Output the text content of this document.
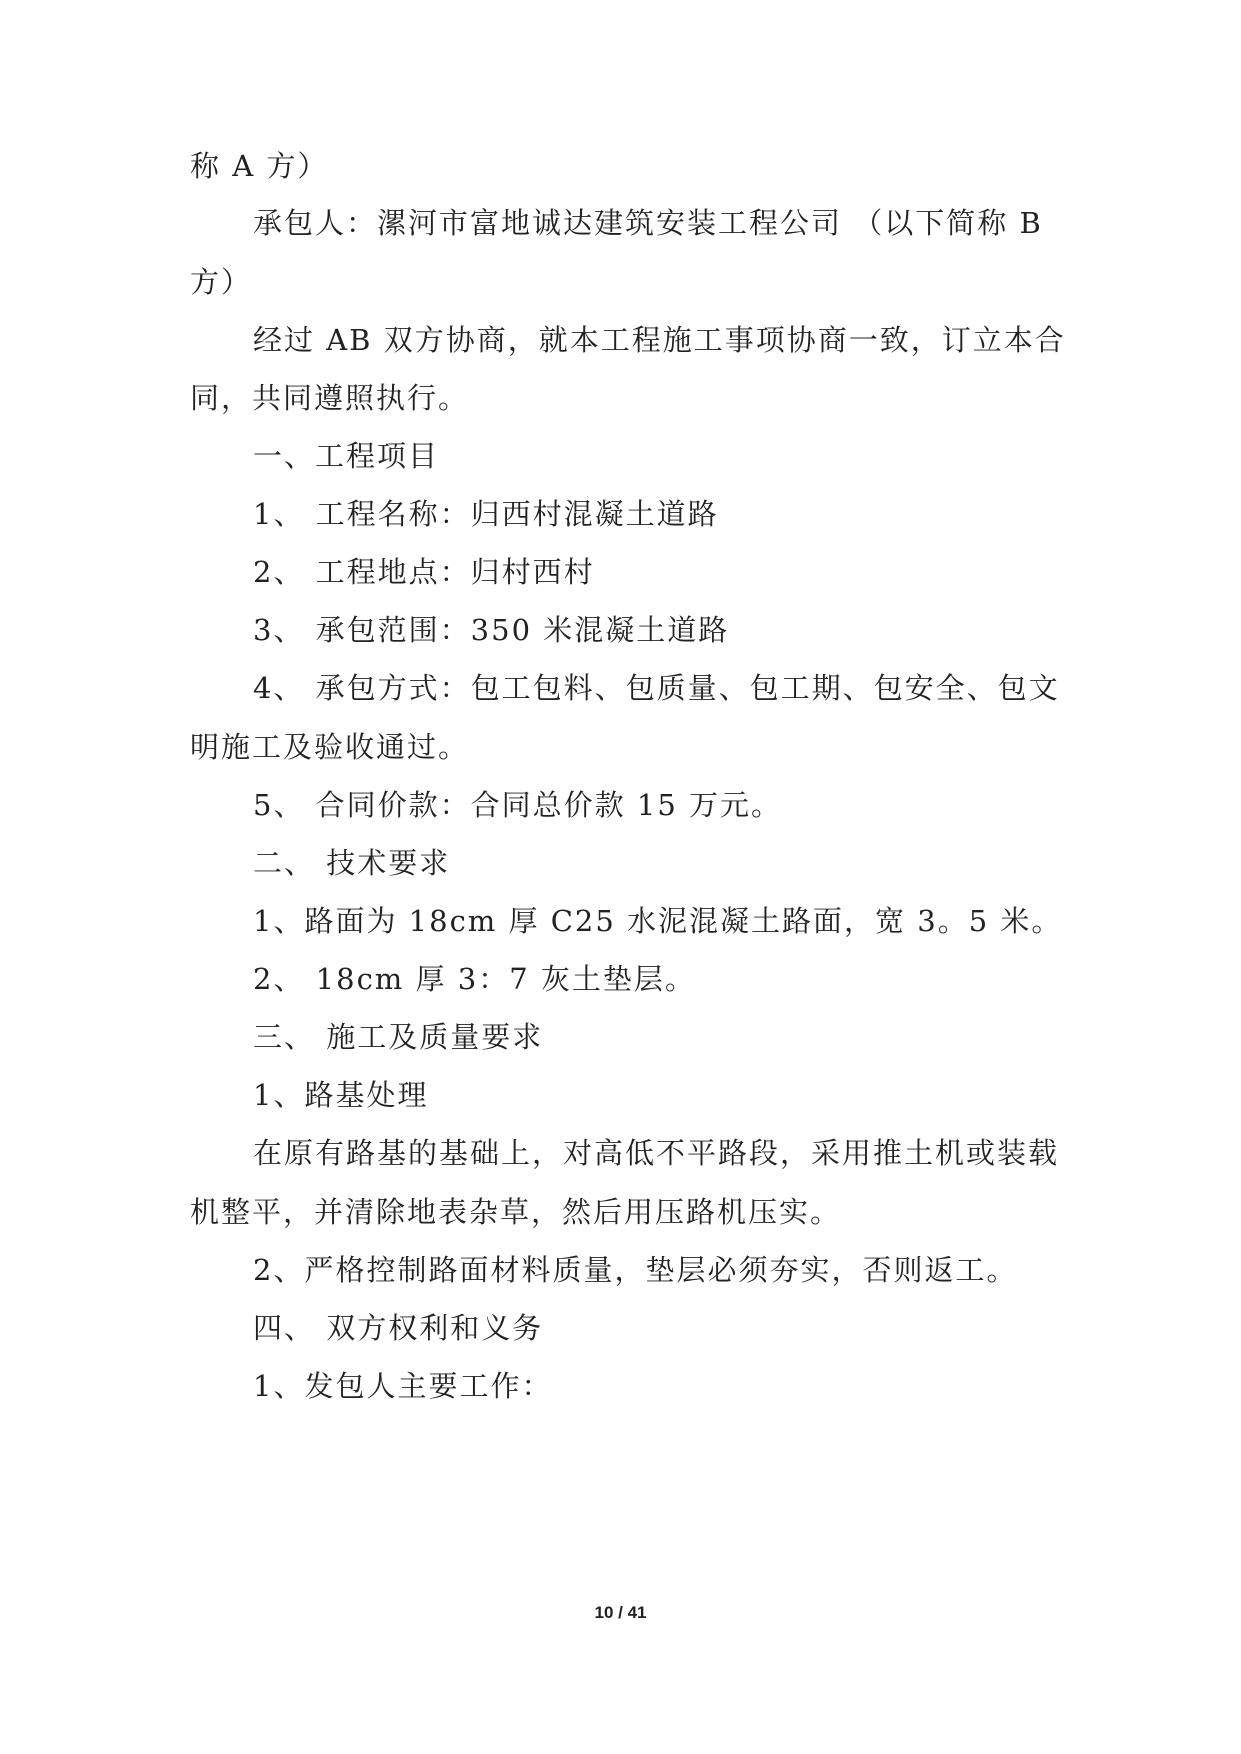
称 A 方）
承包人：漯河市富地诚达建筑安装工程公司 （以下简称 B
方）
经过 AB 双方协商，就本工程施工事项协商一致，订立本合
同，共同遵照执行。
一、工程项目
1、 工程名称：归西村混凝土道路
2、 工程地点：归村西村
3、 承包范围：350 米混凝土道路
4、 承包方式：包工包料、包质量、包工期、包安全、包文
明施工及验收通过。
5、 合同价款：合同总价款 15 万元。
二、 技术要求
1、路面为 18cm 厚 C25 水泥混凝土路面，宽 3。5 米。
2、 18cm 厚 3：7 灰土垫层。
三、 施工及质量要求
1、路基处理
在原有路基的基础上，对高低不平路段，采用推土机或装载
机整平，并清除地表杂草，然后用压路机压实。
2、严格控制路面材料质量，垫层必须夯实，否则返工。
四、 双方权利和义务
1、发包人主要工作：
10 / 41
